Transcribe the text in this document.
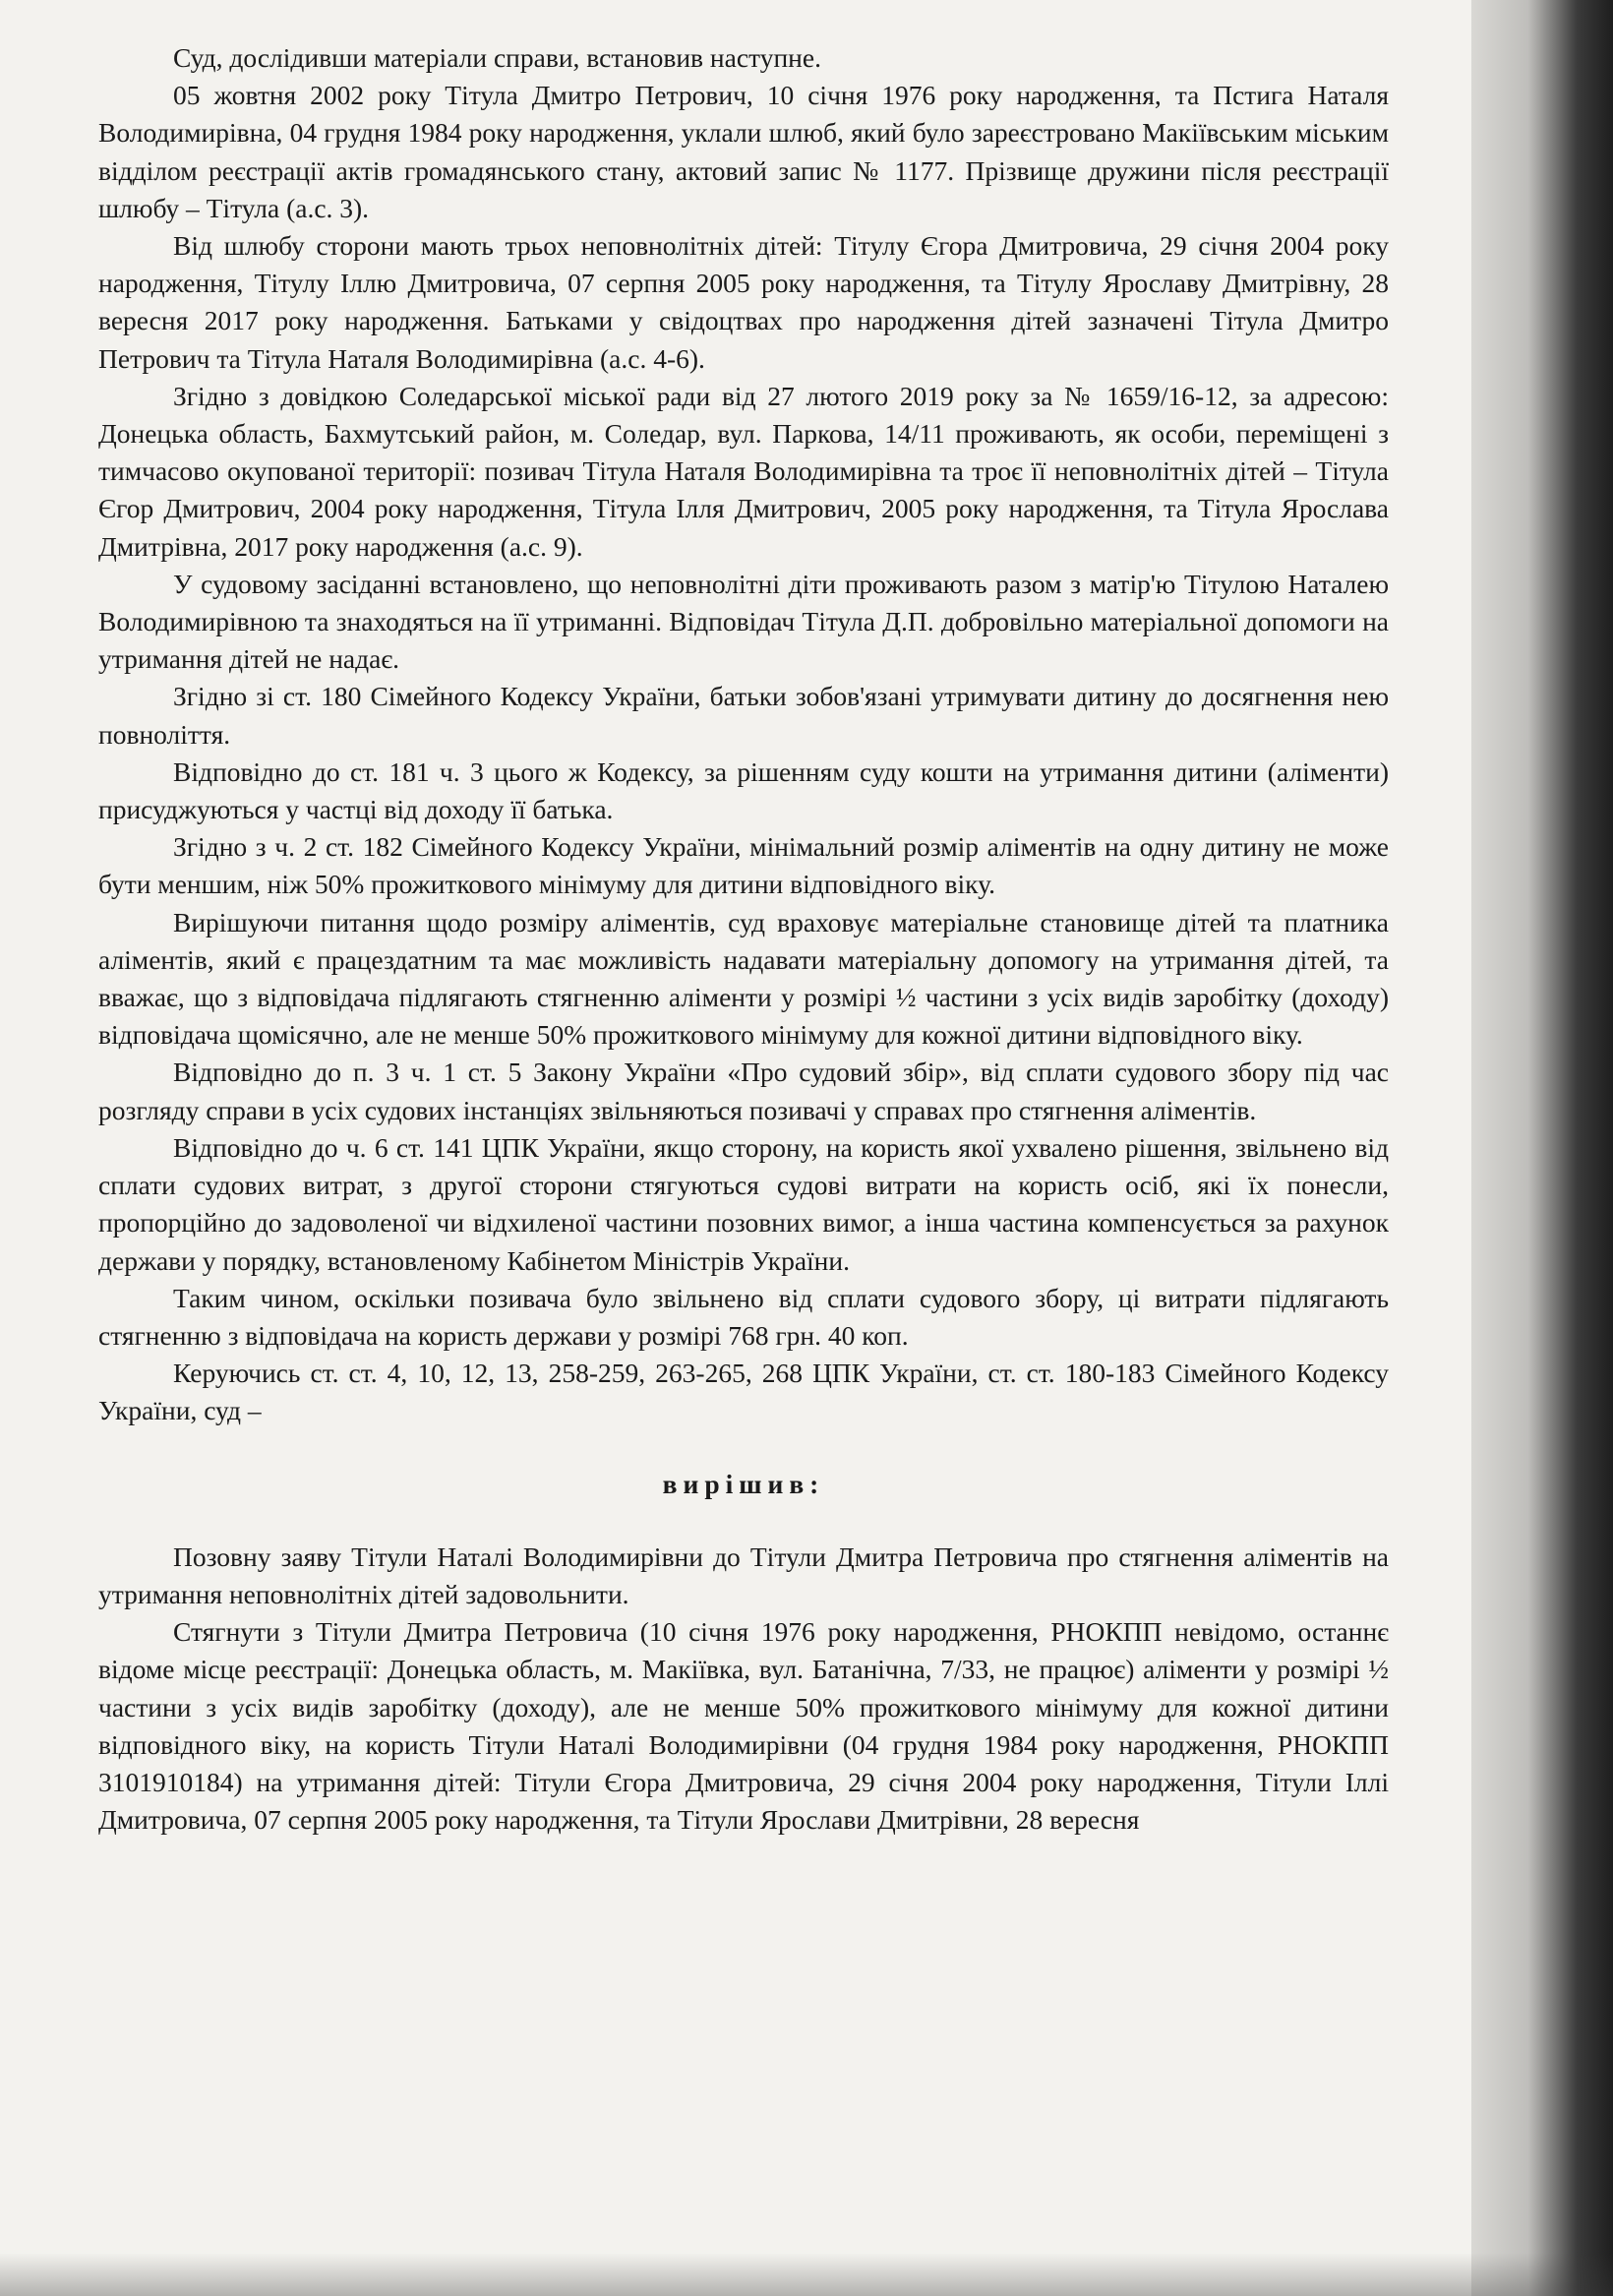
Суд, дослідивши матеріали справи, встановив наступне.

05 жовтня 2002 року Тітула Дмитро Петрович, 10 січня 1976 року народження, та Пстига Наталя Володимирівна, 04 грудня 1984 року народження, уклали шлюб, який було зареєстровано Макіївським міським відділом реєстрації актів громадянського стану, актовий запис № 1177. Прізвище дружини після реєстрації шлюбу – Тітула (а.с. 3).

Від шлюбу сторони мають трьох неповнолітніх дітей: Тітулу Єгора Дмитровича, 29 січня 2004 року народження, Тітулу Іллю Дмитровича, 07 серпня 2005 року народження, та Тітулу Ярославу Дмитрівну, 28 вересня 2017 року народження. Батьками у свідоцтвах про народження дітей зазначені Тітула Дмитро Петрович та Тітула Наталя Володимирівна (а.с. 4-6).

Згідно з довідкою Соледарської міської ради від 27 лютого 2019 року за № 1659/16-12, за адресою: Донецька область, Бахмутський район, м. Соледар, вул. Паркова, 14/11 проживають, як особи, переміщені з тимчасово окупованої території: позивач Тітула Наталя Володимирівна та троє її неповнолітніх дітей – Тітула Єгор Дмитрович, 2004 року народження, Тітула Ілля Дмитрович, 2005 року народження, та Тітула Ярослава Дмитрівна, 2017 року народження (а.с. 9).

У судовому засіданні встановлено, що неповнолітні діти проживають разом з матір'ю Тітулою Наталею Володимирівною та знаходяться на її утриманні. Відповідач Тітула Д.П. добровільно матеріальної допомоги на утримання дітей не надає.

Згідно зі ст. 180 Сімейного Кодексу України, батьки зобов'язані утримувати дитину до досягнення нею повноліття.

Відповідно до ст. 181 ч. 3 цього ж Кодексу, за рішенням суду кошти на утримання дитини (аліменти) присуджуються у частці від доходу її батька.

Згідно з ч. 2 ст. 182 Сімейного Кодексу України, мінімальний розмір аліментів на одну дитину не може бути меншим, ніж 50% прожиткового мінімуму для дитини відповідного віку.

Вирішуючи питання щодо розміру аліментів, суд враховує матеріальне становище дітей та платника аліментів, який є працездатним та має можливість надавати матеріальну допомогу на утримання дітей, та вважає, що з відповідача підлягають стягненню аліменти у розмірі ½ частини з усіх видів заробітку (доходу) відповідача щомісячно, але не менше 50% прожиткового мінімуму для кожної дитини відповідного віку.

Відповідно до п. 3 ч. 1 ст. 5 Закону України «Про судовий збір», від сплати судового збору під час розгляду справи в усіх судових інстанціях звільняються позивачі у справах про стягнення аліментів.

Відповідно до ч. 6 ст. 141 ЦПК України, якщо сторону, на користь якої ухвалено рішення, звільнено від сплати судових витрат, з другої сторони стягуються судові витрати на користь осіб, які їх понесли, пропорційно до задоволеної чи відхиленої частини позовних вимог, а інша частина компенсується за рахунок держави у порядку, встановленому Кабінетом Міністрів України.

Таким чином, оскільки позивача було звільнено від сплати судового збору, ці витрати підлягають стягненню з відповідача на користь держави у розмірі 768 грн. 40 коп.

Керуючись ст. ст. 4, 10, 12, 13, 258-259, 263-265, 268 ЦПК України, ст. ст. 180-183 Сімейного Кодексу України, суд –

вирішив:

Позовну заяву Тітули Наталі Володимирівни до Тітули Дмитра Петровича про стягнення аліментів на утримання неповнолітніх дітей задовольнити.

Стягнути з Тітули Дмитра Петровича (10 січня 1976 року народження, РНОКПП невідомо, останнє відоме місце реєстрації: Донецька область, м. Макіївка, вул. Батанічна, 7/33, не працює) аліменти у розмірі ½ частини з усіх видів заробітку (доходу), але не менше 50% прожиткового мінімуму для кожної дитини відповідного віку, на користь Тітули Наталі Володимирівни (04 грудня 1984 року народження, РНОКПП 3101910184) на утримання дітей: Тітули Єгора Дмитровича, 29 січня 2004 року народження, Тітули Іллі Дмитровича, 07 серпня 2005 року народження, та Тітули Ярослави Дмитрівни, 28 вересня
